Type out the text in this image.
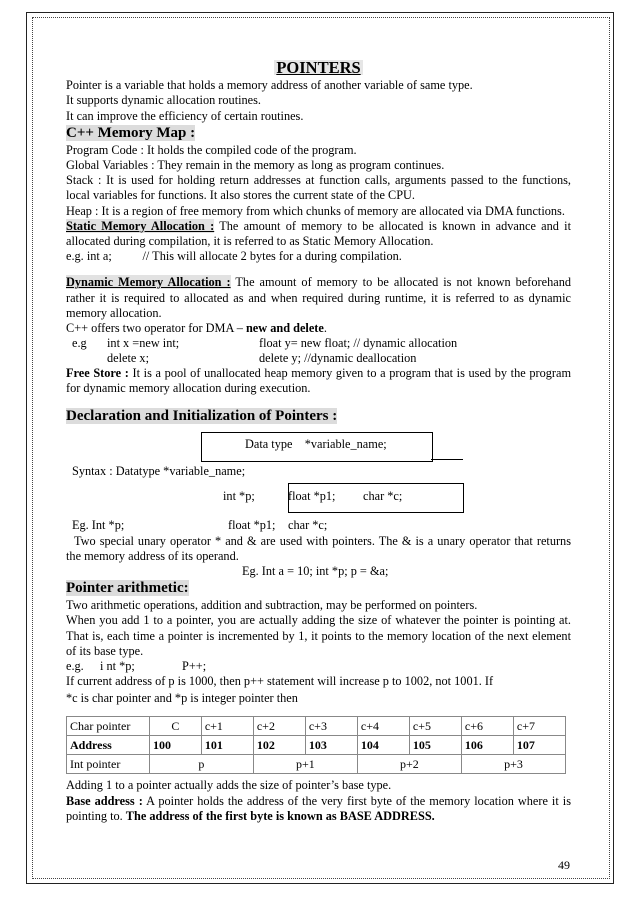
POINTERS

Pointer is a variable that holds a memory address of another variable of same type.

It supports dynamic allocation routines.

It can improve the efficiency of certain routines.

C++ Memory Map :

Program Code : It holds the compiled code of the program.

Global Variables : They remain in the memory as long as program continues.

Stack : It is used for holding return addresses at function calls, arguments passed to the functions, local variables for functions. It also stores the current state of the CPU.

Heap : It is a region of free memory from which chunks of memory are allocated via DMA functions.

Static Memory Allocation : The amount of memory to be allocated is known in advance and it allocated during compilation, it is referred to as Static Memory Allocation.

e.g. int a;          // This will allocate 2 bytes for a during compilation.

Dynamic Memory Allocation : The amount of memory to be allocated is not known beforehand rather it is required to allocated as and when required during runtime, it is referred to as dynamic memory allocation.

C++ offers two operator for DMA – new and delete.

e.g int x =new int;	float y= new float; // dynamic allocation
delete x;	delete y; //dynamic deallocation

Free Store : It is a pool of unallocated heap memory given to a program that is used by the program for dynamic memory allocation during execution.

Declaration and Initialization of Pointers :
Data type    *variable_name;
Syntax : Datatype *variable_name;
int *p;	float *p1; char *c;
Eg. Int *p;	float *p1; char *c;

Two special unary operator * and & are used with pointers. The & is a unary operator that returns the memory address of its operand.

Eg. Int a = 10; int *p; p = &a;

Pointer arithmetic:

Two arithmetic operations, addition and subtraction, may be performed on pointers.

When you add 1 to a pointer, you are actually adding the size of whatever the pointer is pointing at. That is, each time a pointer is incremented by 1, it points to the memory location of the next element of its base type.

e.g. i nt *p;	P++;

If current address of p is 1000, then p++ statement will increase p to 1002, not 1001. If

*c is char pointer and *p is integer pointer then

Char pointer	C	c+1	c+2	c+3	c+4	c+5	c+6	c+7
Address	100	101	102	103	104	105	106	107
Int pointer	p		p+1		p+2		p+3	

Adding 1 to a pointer actually adds the size of pointer’s base type.

Base address : A pointer holds the address of the very first byte of the memory location where it is pointing to. The address of the first byte is known as BASE ADDRESS.

49
